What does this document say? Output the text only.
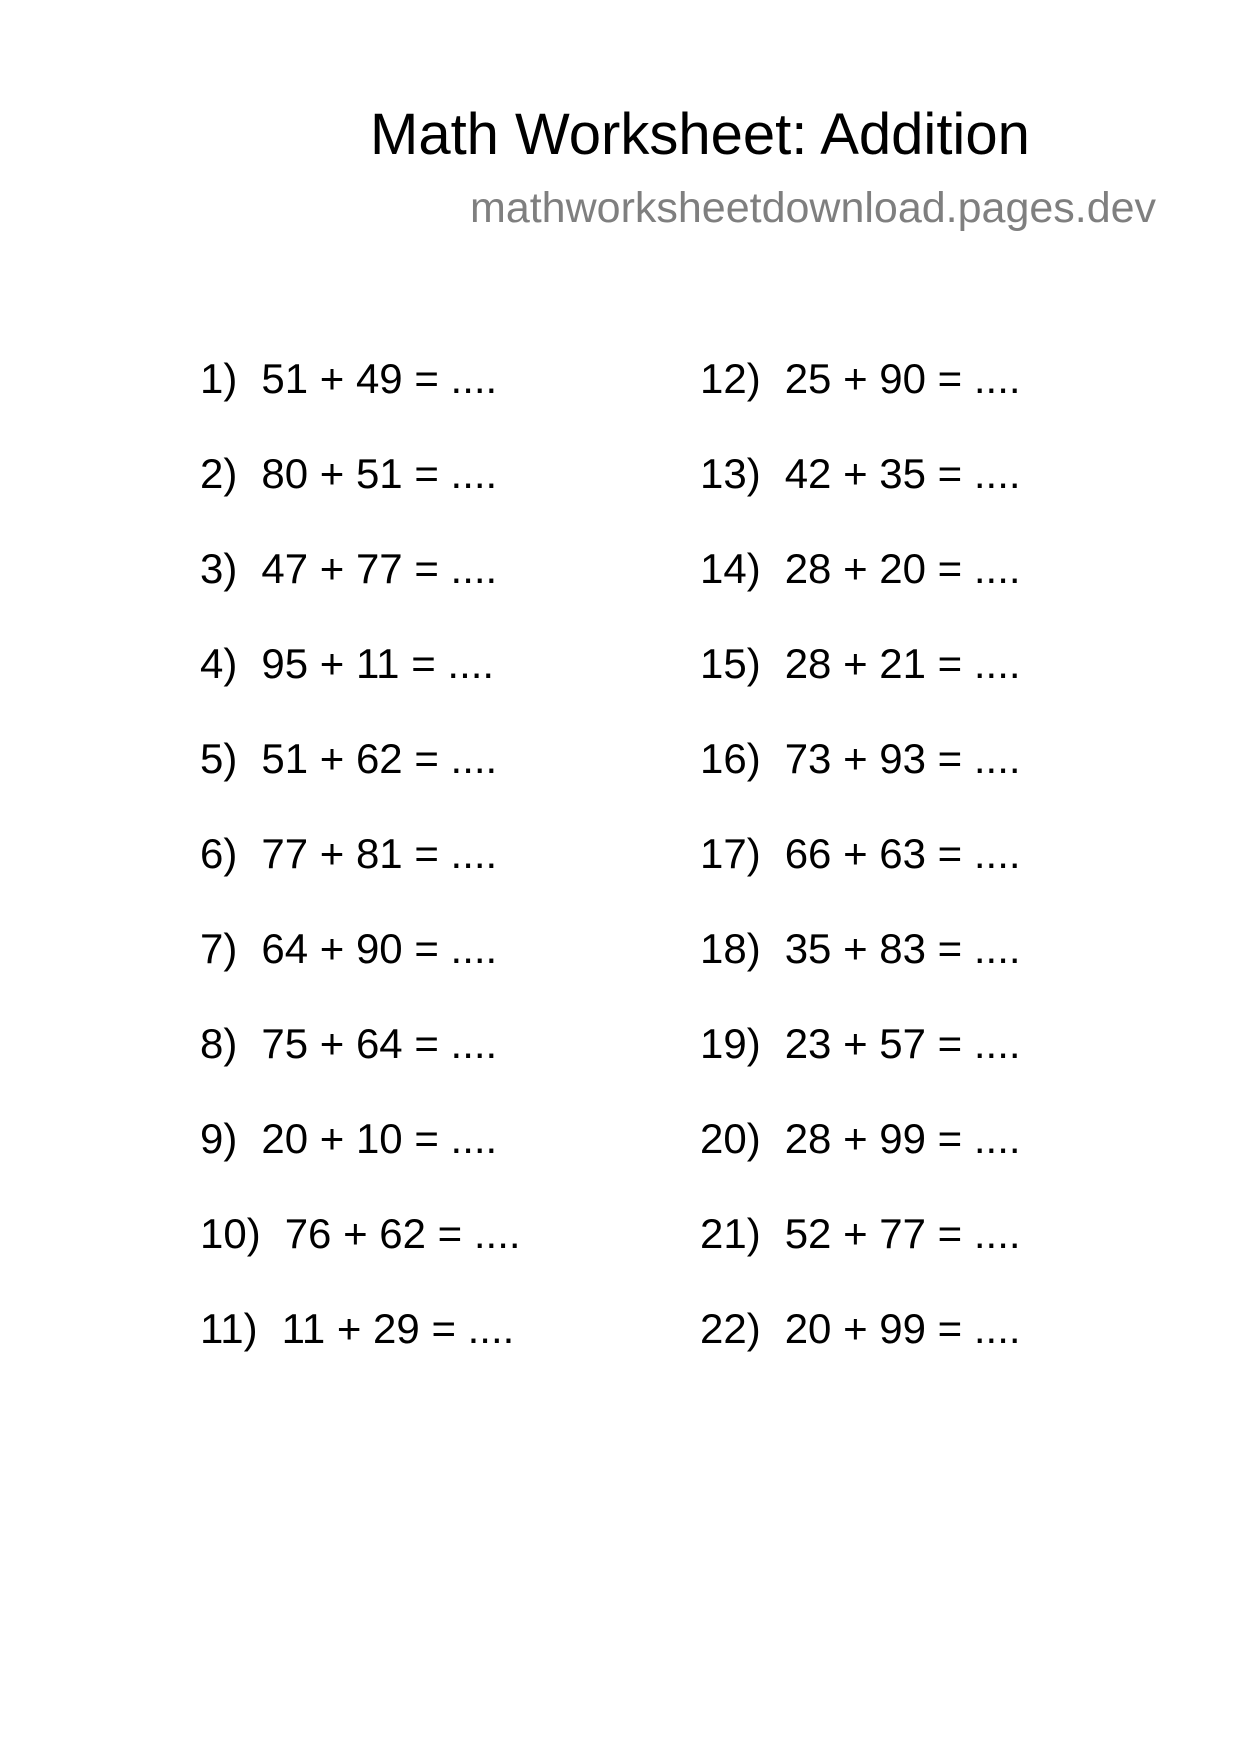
Math Worksheet: Addition
mathworksheetdownload.pages.dev
1) 51 + 49 = ....
2) 80 + 51 = ....
3) 47 + 77 = ....
4) 95 + 11 = ....
5) 51 + 62 = ....
6) 77 + 81 = ....
7) 64 + 90 = ....
8) 75 + 64 = ....
9) 20 + 10 = ....
10) 76 + 62 = ....
11) 11 + 29 = ....
12) 25 + 90 = ....
13) 42 + 35 = ....
14) 28 + 20 = ....
15) 28 + 21 = ....
16) 73 + 93 = ....
17) 66 + 63 = ....
18) 35 + 83 = ....
19) 23 + 57 = ....
20) 28 + 99 = ....
21) 52 + 77 = ....
22) 20 + 99 = ....
